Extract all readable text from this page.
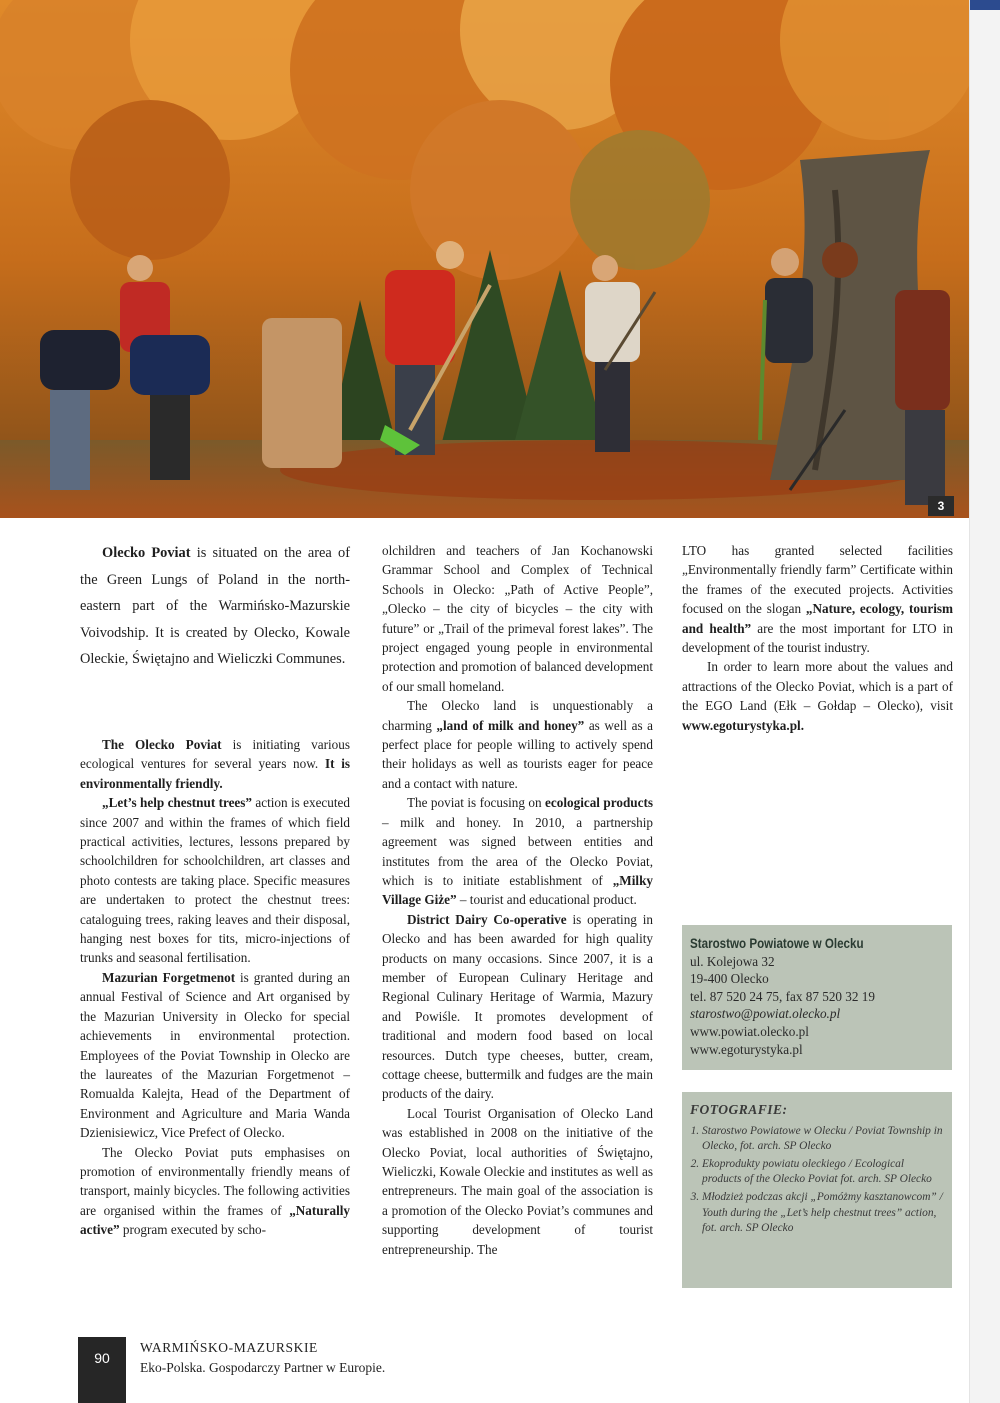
3

Olecko Poviat is situated on the area of the Green Lungs of Poland in the north-eastern part of the Warmińsko-Mazurskie Voivodship. It is created by Olecko, Kowale Oleckie, Świętajno and Wieliczki Communes.

The Olecko Poviat is initiating various ecological ventures for several years now. It is environmentally friendly.

„Let’s help chestnut trees” action is executed since 2007 and within the frames of which field practical activities, lectures, lessons prepared by schoolchildren for schoolchildren, art classes and photo contests are taking place. Specific measures are undertaken to protect the chestnut trees: cataloguing trees, raking leaves and their disposal, hanging nest boxes for tits, micro-injections of trunks and seasonal fertilisation.

Mazurian Forgetmenot is granted during an annual Festival of Science and Art organised by the Mazurian University in Olecko for special achievements in environmental protection. Employees of the Poviat Township in Olecko are the laureates of the Mazurian Forgetmenot – Romualda Kalejta, Head of the Department of Environment and Agriculture and Maria Wanda Dzienisiewicz, Vice Prefect of Olecko.

The Olecko Poviat puts emphasises on promotion of environmentally friendly means of transport, mainly bicycles. The following activities are organised within the frames of „Naturally active” program executed by scho-

olchildren and teachers of Jan Kochanowski Grammar School and Complex of Technical Schools in Olecko: „Path of Active People”, „Olecko – the city of bicycles – the city with future” or „Trail of the primeval forest lakes”. The project engaged young people in environmental protection and promotion of balanced development of our small homeland.

The Olecko land is unquestionably a charming „land of milk and honey” as well as a perfect place for people willing to actively spend their holidays as well as tourists eager for peace and a contact with nature.

The poviat is focusing on ecological products – milk and honey. In 2010, a partnership agreement was signed between entities and institutes from the area of the Olecko Poviat, which is to initiate establishment of „Milky Village Giże” – tourist and educational product.

District Dairy Co-operative is operating in Olecko and has been awarded for high quality products on many occasions. Since 2007, it is a member of European Culinary Heritage and Regional Culinary Heritage of Warmia, Mazury and Powiśle. It promotes development of traditional and modern food based on local resources. Dutch type cheeses, butter, cream, cottage cheese, buttermilk and fudges are the main products of the dairy.

Local Tourist Organisation of Olecko Land was established in 2008 on the initiative of the Olecko Poviat, local authorities of Świętajno, Wieliczki, Kowale Oleckie and institutes as well as entrepreneurs. The main goal of the association is a promotion of the Olecko Poviat’s communes and supporting development of tourist entrepreneurship. The

LTO has granted selected facilities „Environmentally friendly farm” Certificate within the frames of the executed projects. Activities focused on the slogan „Nature, ecology, tourism and health” are the most important for LTO in development of the tourist industry.

In order to learn more about the values and attractions of the Olecko Poviat, which is a part of the EGO Land (Ełk – Gołdap – Olecko), visit www.egoturystyka.pl.

Starostwo Powiatowe w Olecku
ul. Kolejowa 32
19-400 Olecko
tel. 87 520 24 75, fax 87 520 32 19
starostwo@powiat.olecko.pl
www.powiat.olecko.pl
www.egoturystyka.pl
FOTOGRAFIE:
1. Starostwo Powiatowe w Olecku / Poviat Township in Olecko, fot. arch. SP Olecko
2. Ekoprodukty powiatu oleckiego / Ecological products of the Olecko Poviat fot. arch. SP Olecko
3. Młodzież podczas akcji „Pomóżmy kasztanowcom” / Youth during the „Let’s help chestnut trees” action, fot. arch. SP Olecko
90
WARMIŃSKO-MAZURSKIE
Eko-Polska. Gospodarczy Partner w Europie.
